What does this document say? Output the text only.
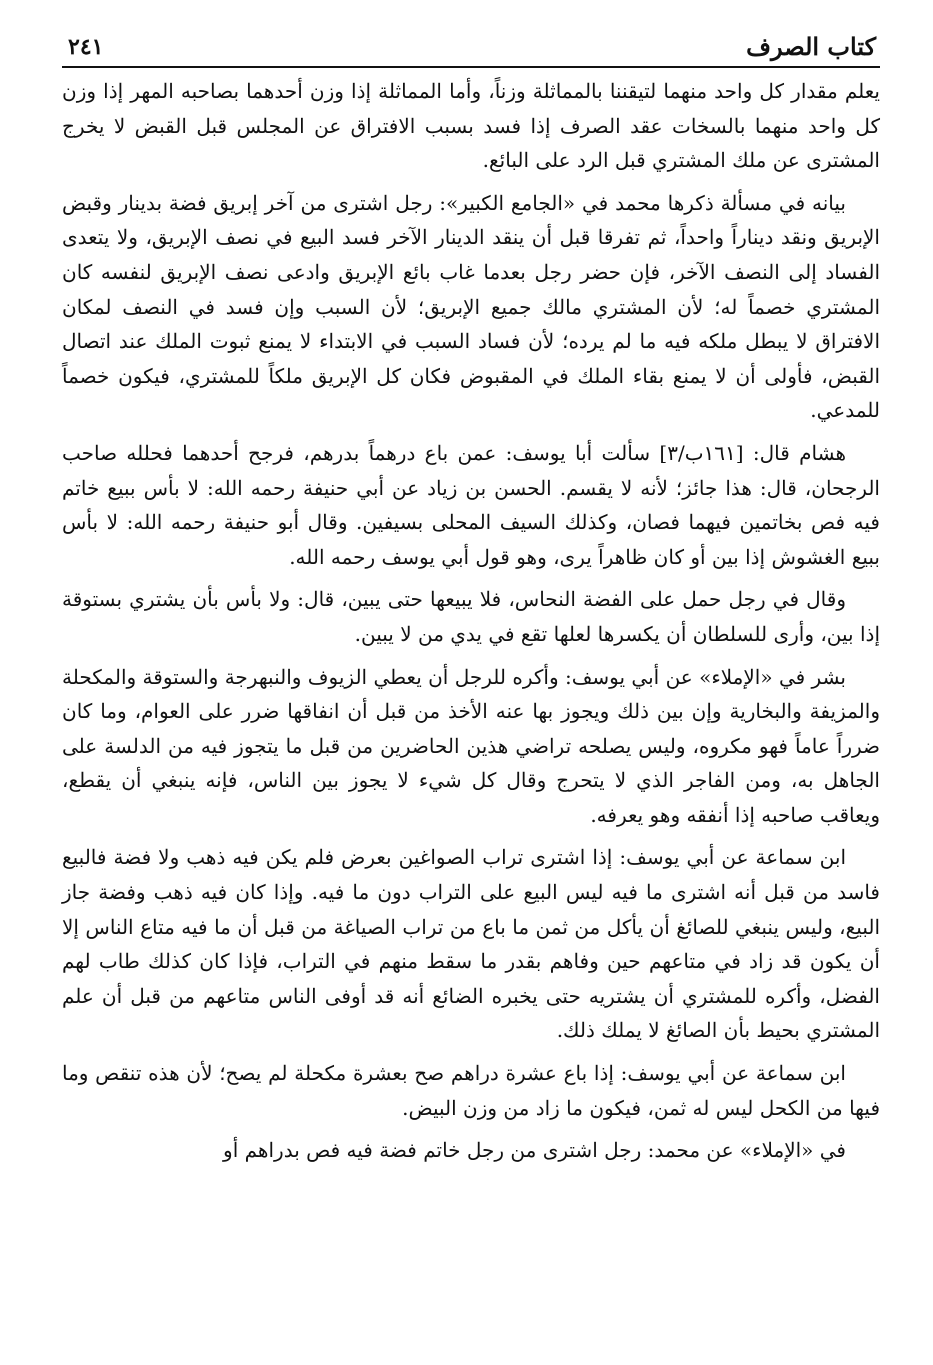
كتاب الصرف
٢٤١

يعلم مقدار كل واحد منهما لتيقننا بالمماثلة وزناً، وأما المماثلة إذا وزن أحدهما بصاحبه المهر إذا وزن كل واحد منهما بالسخات عقد الصرف إذا فسد بسبب الافتراق عن المجلس قبل القبض لا يخرج المشترى عن ملك المشتري قبل الرد على البائع.

بيانه في مسألة ذكرها محمد في «الجامع الكبير»: رجل اشترى من آخر إبريق فضة بدينار وقبض الإبريق ونقد ديناراً واحداً، ثم تفرقا قبل أن ينقد الدينار الآخر فسد البيع في نصف الإبريق، ولا يتعدى الفساد إلى النصف الآخر، فإن حضر رجل بعدما غاب بائع الإبريق وادعى نصف الإبريق لنفسه كان المشتري خصماً له؛ لأن المشتري مالك جميع الإبريق؛ لأن السبب وإن فسد في النصف لمكان الافتراق لا يبطل ملكه فيه ما لم يرده؛ لأن فساد السبب في الابتداء لا يمنع ثبوت الملك عند اتصال القبض، فأولى أن لا يمنع بقاء الملك في المقبوض فكان كل الإبريق ملكاً للمشتري، فيكون خصماً للمدعي.

هشام قال: [١٦١ب/٣] سألت أبا يوسف: عمن باع درهماً بدرهم، فرجح أحدهما فحلله صاحب الرجحان، قال: هذا جائز؛ لأنه لا يقسم. الحسن بن زياد عن أبي حنيفة رحمه الله: لا بأس ببيع خاتم فيه فص بخاتمين فيهما فصان، وكذلك السيف المحلى بسيفين. وقال أبو حنيفة رحمه الله: لا بأس ببيع الغشوش إذا بين أو كان ظاهراً يرى، وهو قول أبي يوسف رحمه الله.

وقال في رجل حمل على الفضة النحاس، فلا يبيعها حتى يبين، قال: ولا بأس بأن يشتري بستوقة إذا بين، وأرى للسلطان أن يكسرها لعلها تقع في يدي من لا يبين.

بشر في «الإملاء» عن أبي يوسف: وأكره للرجل أن يعطي الزيوف والنبهرجة والستوقة والمكحلة والمزيفة والبخارية وإن بين ذلك ويجوز بها عنه الأخذ من قبل أن انفاقها ضرر على العوام، وما كان ضرراً عاماً فهو مكروه، وليس يصلحه تراضي هذين الحاضرين من قبل ما يتجوز فيه من الدلسة على الجاهل به، ومن الفاجر الذي لا يتحرج وقال كل شيء لا يجوز بين الناس، فإنه ينبغي أن يقطع، ويعاقب صاحبه إذا أنفقه وهو يعرفه.

ابن سماعة عن أبي يوسف: إذا اشترى تراب الصواغين بعرض فلم يكن فيه ذهب ولا فضة فالبيع فاسد من قبل أنه اشترى ما فيه ليس البيع على التراب دون ما فيه. وإذا كان فيه ذهب وفضة جاز البيع، وليس ينبغي للصائغ أن يأكل من ثمن ما باع من تراب الصياغة من قبل أن ما فيه متاع الناس إلا أن يكون قد زاد في متاعهم حين وفاهم بقدر ما سقط منهم في التراب، فإذا كان كذلك طاب لهم الفضل، وأكره للمشتري أن يشتريه حتى يخبره الضائع أنه قد أوفى الناس متاعهم من قبل أن علم المشتري بحيط بأن الصائغ لا يملك ذلك.

ابن سماعة عن أبي يوسف: إذا باع عشرة دراهم صح بعشرة مكحلة لم يصح؛ لأن هذه تنقص وما فيها من الكحل ليس له ثمن، فيكون ما زاد من وزن البيض.

في «الإملاء» عن محمد: رجل اشترى من رجل خاتم فضة فيه فص بدراهم أو
